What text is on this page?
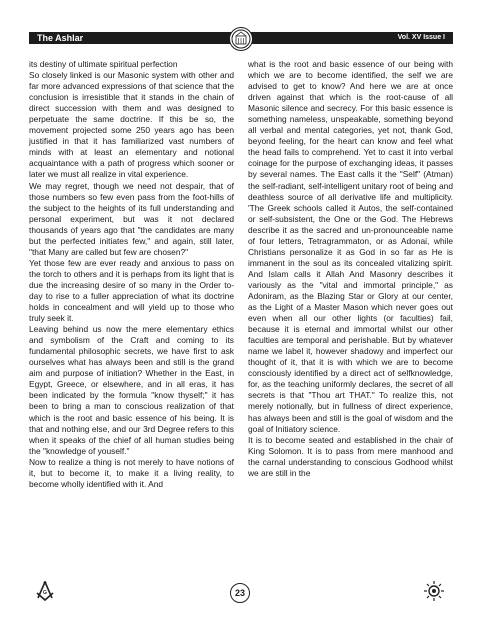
The Ashlar	Vol. XV Issue I

its destiny of ultimate spiritual perfection

So closely linked is our Masonic system with other and far more advanced expressions of that science that the conclusion is irresistible that it stands in the chain of direct succession with them and was designed to perpetuate the same doctrine. If this be so, the movement projected some 250 years ago has been justified in that it has familiarized vast numbers of minds with at least an elementary and notional acquaintance with a path of progress which sooner or later we must all realize in vital experience.

We may regret, though we need not despair, that of those numbers so few even pass from the foot-hills of the subject to the heights of its full understanding and personal experiment, but was it not declared thousands of years ago that "the candidates are many but the perfected initiates few," and again, still later, "that Many are called but few are chosen?"

Yet those few are ever ready and anxious to pass on the torch to others and it is perhaps from its light that is due the increasing desire of so many in the Order to-day to rise to a fuller appreciation of what its doctrine holds in concealment and will yield up to those who truly seek it.

Leaving behind us now the mere elementary ethics and symbolism of the Craft and coming to its fundamental philosophic secrets, we have first to ask ourselves what has always been and still is the grand aim and purpose of initiation? Whether in the East, in Egypt, Greece, or elsewhere, and in all eras, it has been indicated by the formula "know thyself;" it has been to bring a man to conscious realization of that which is the root and basic essence of his being. It is that and nothing else, and our 3rd Degree refers to this when it speaks of the chief of all human studies being the "knowledge of youself."

Now to realize a thing is not merely to have notions of it, but to become it, to make it a living reality, to become wholly identified with it. And

what is the root and basic essence of our being with which we are to become identified, the self we are advised to get to know? And here we are at once driven against that which is the root-cause of all Masonic silence and secrecy. For this basic essence is something nameless, unspeakable, something beyond all verbal and mental categories, yet not, thank God, beyond feeling, for the heart can know and feel what the head fails to comprehend. Yet to cast it into verbal coinage for the purpose of exchanging ideas, it passes by several names. The East calls it the "Self" (Atman) the self-radiant, self-intelligent unitary root of being and deathless source of all derivative life and multiplicity. 'The Greek schools called it Autos, the self-contained or self-subsistent, the One or the God. The Hebrews describe it as the sacred and un-pronounceable name of four letters, Tetragrammaton, or as Adonai, while Christians personalize it as God in so far as He is immanent in the soul as its concealed vitalizing spirit. And Islam calls it Allah And Masonry describes it variously as the "vital and immortal principle," as Adoniram, as the Blazing Star or Glory at our center, as the Light of a Master Mason which never goes out even when all our other lights (or faculties) fail, because it is eternal and immortal whilst our other faculties are temporal and perishable. But by whatever name we label it, however shadowy and imperfect our thought of it, that it is with which we are to become consciously identified by a direct act of selfknowledge, for, as the teaching uniformly declares, the secret of all secrets is that "Thou art THAT." To realize this, not merely notionally, but in fullness of direct experience, has always been and still is the goal of wisdom and the goal of Initiatory science.

It is to become seated and established in the chair of King Solomon. It is to pass from mere manhood and the carnal understanding to conscious Godhood whilst we are still in the

G	23
